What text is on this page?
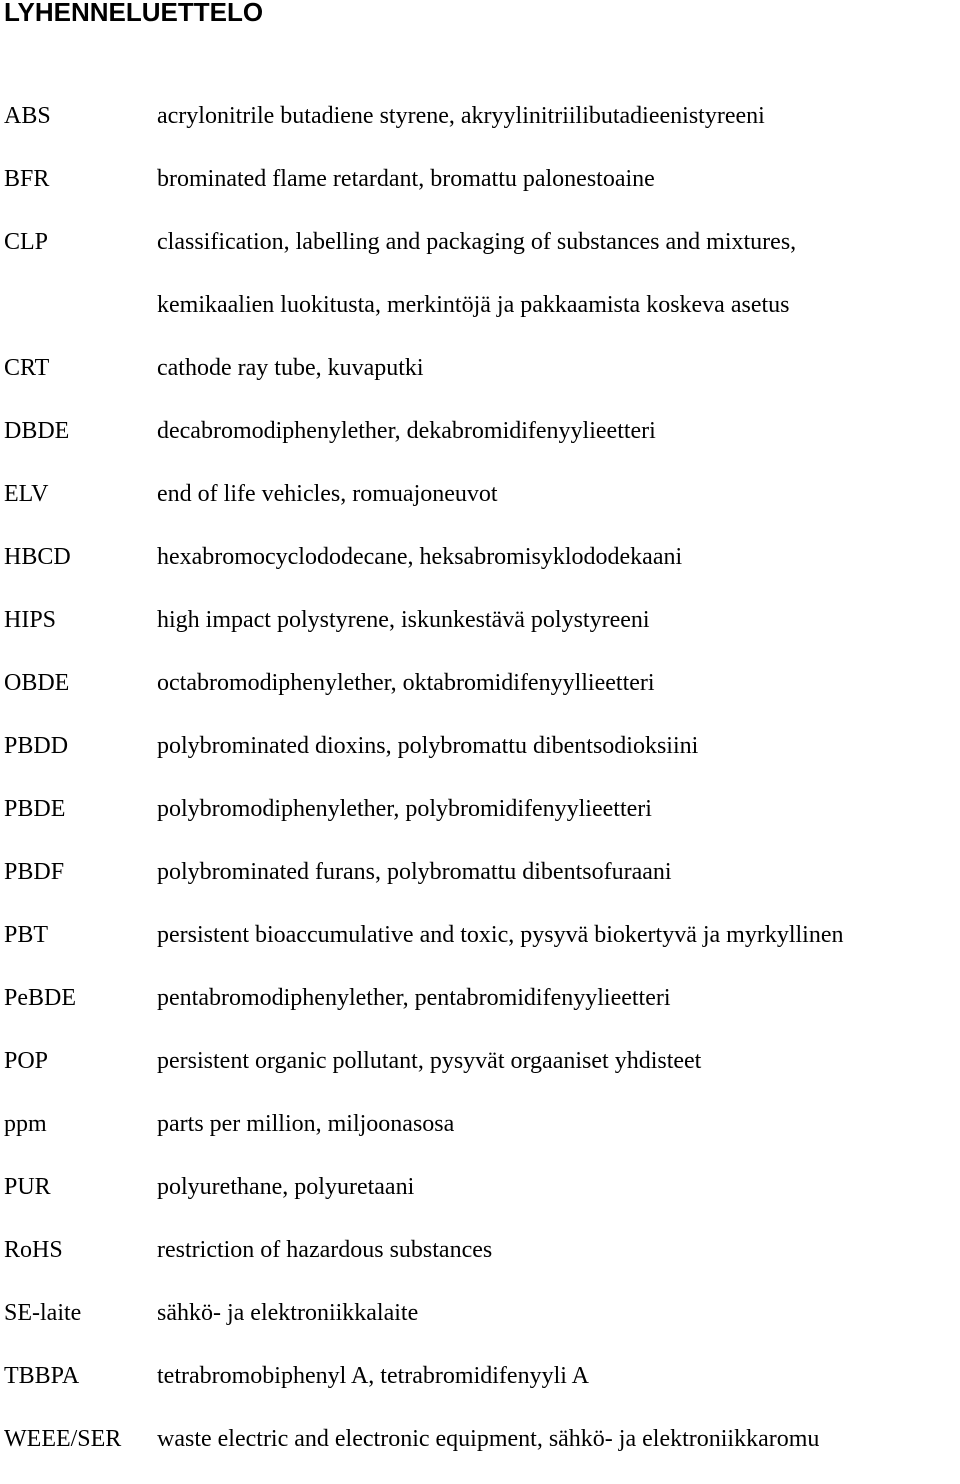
LYHENNELUETTELO
ABS	acrylonitrile butadiene styrene, akryylinitriilibutadieenistyreeni
BFR	brominated flame retardant, bromattu palonestoaine
CLP	classification, labelling and packaging of substances and mixtures,
kemikaalien luokitusta, merkintöjä ja pakkaamista koskeva asetus
CRT	cathode ray tube, kuvaputki
DBDE	decabromodiphenylether, dekabromidifenyylieetteri
ELV	end of life vehicles, romuajoneuvot
HBCD	hexabromocyclododecane, heksabromisyklododekaani
HIPS	high impact polystyrene, iskunkestävä polystyreeni
OBDE	octabromodiphenylether, oktabromidifenyyllieetteri
PBDD	polybrominated dioxins, polybromattu dibentsodioksiini
PBDE	polybromodiphenylether, polybromidifenyylieetteri
PBDF	polybrominated furans, polybromattu dibentsofuraani
PBT	persistent bioaccumulative and toxic, pysyvä biokertyvä ja myrkyllinen
PeBDE	pentabromodiphenylether, pentabromidifenyylieetteri
POP	persistent organic pollutant, pysyvät orgaaniset yhdisteet
ppm	parts per million, miljoonasosa
PUR	polyurethane, polyuretaani
RoHS	restriction of hazardous substances
SE-laite	sähkö- ja elektroniikkalaite
TBBPA	tetrabromobiphenyl A, tetrabromidifenyyli A
WEEE/SER waste electric and electronic equipment, sähkö- ja elektroniikkaromu
